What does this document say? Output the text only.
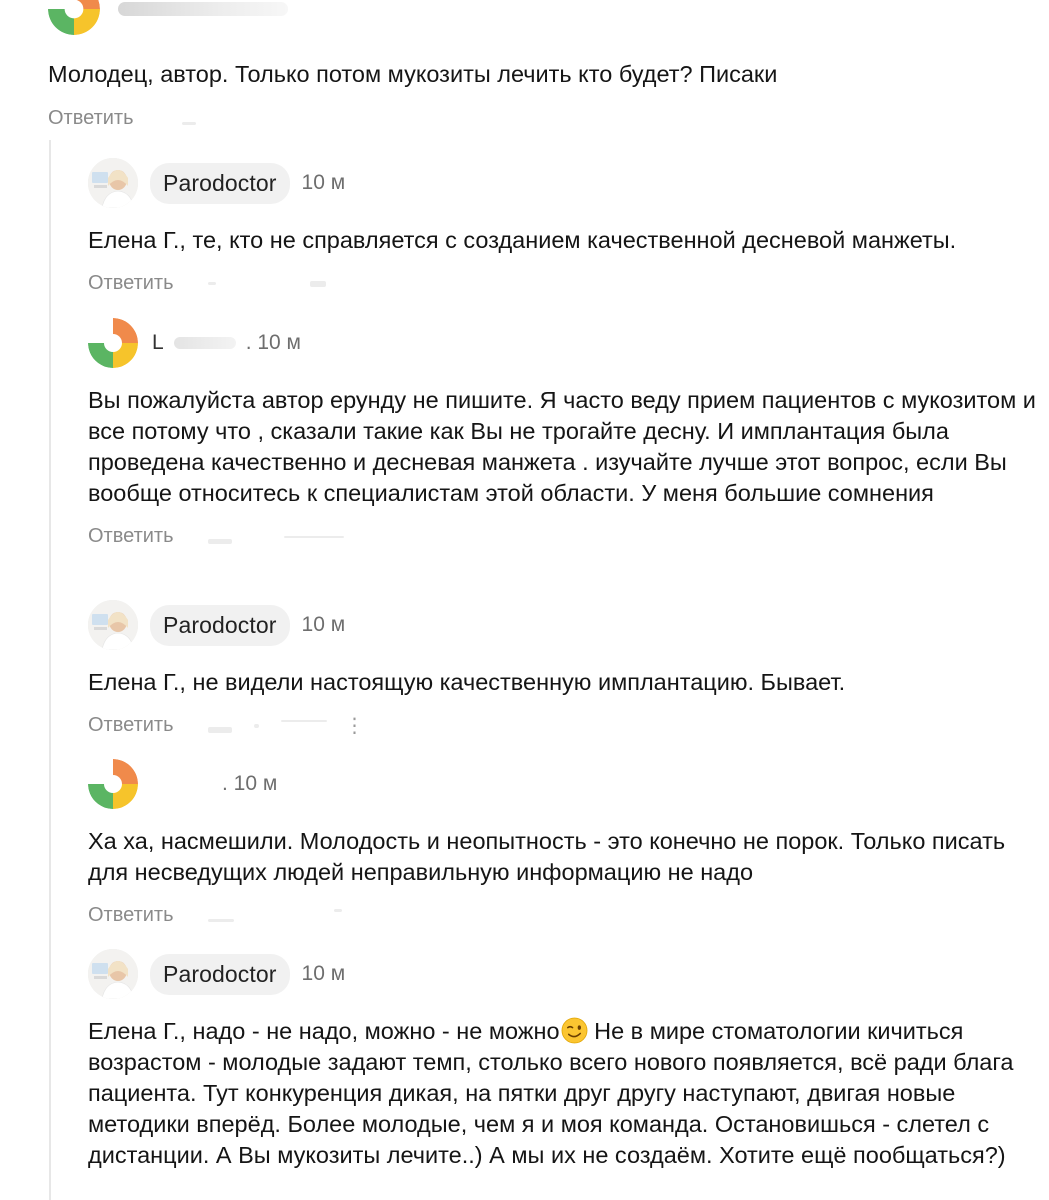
Молодец, автор. Только потом мукозиты лечить кто будет? Писаки

Ответить
Parodoctor	10 м

Елена Г., те, кто не справляется с созданием качественной десневой манжеты.

Ответить
L	. 10 м

Вы пожалуйста автор ерунду не пишите. Я часто веду прием пациентов с мукозитом и все потому что , сказали такие как Вы не трогайте десну. И имплантация была проведена качественно и десневая манжета . изучайте лучше этот вопрос, если Вы вообще относитесь к специалистам этой области. У меня большие сомнения

Ответить
Parodoctor	10 м

Елена Г., не видели настоящую качественную имплантацию. Бывает.

Ответить	⋮
. 10 м

Ха ха, насмешили. Молодость и неопытность - это конечно не порок. Только писать для несведущих людей неправильную информацию не надо

Ответить
Parodoctor	10 м

Елена Г., надо - не надо, можно - не можно
Не в мире стоматологии кичиться возрастом - молодые задают темп, столько всего нового появляется, всё ради блага пациента. Тут конкуренция дикая, на пятки друг другу наступают, двигая новые методики вперёд. Более молодые, чем я и моя команда. Остановишься - слетел с дистанции. А Вы мукозиты лечите..) А мы их не создаём. Хотите ещё пообщаться?)
